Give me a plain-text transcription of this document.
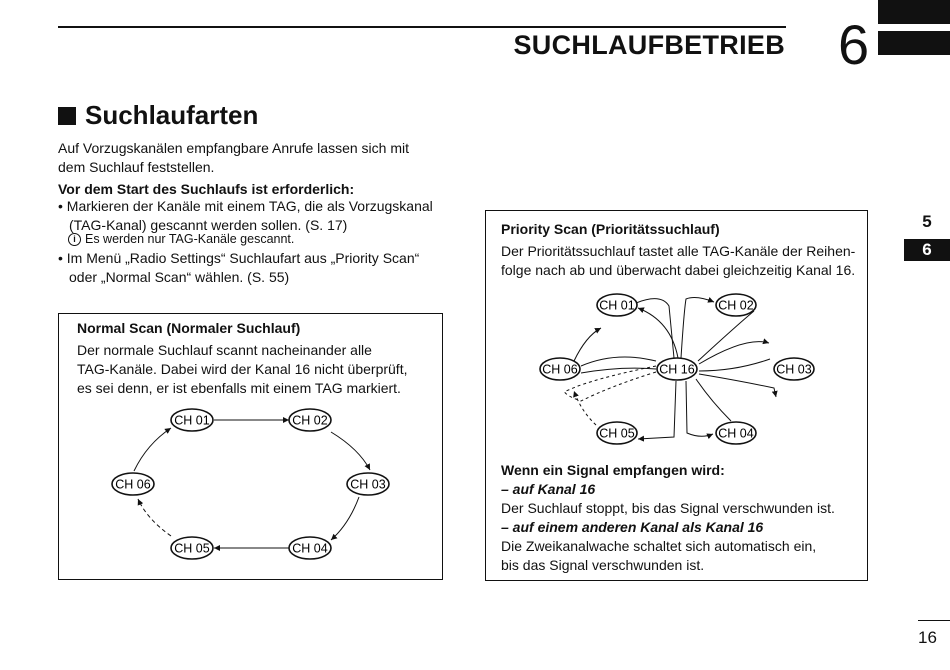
SUCHLAUFBETRIEB 6
5
6
Suchlaufarten
Auf Vorzugskanälen empfangbare Anrufe lassen sich mit
dem Suchlauf feststellen.
Vor dem Start des Suchlaufs ist erforderlich:
• Markieren der Kanäle mit einem TAG, die als Vorzugskanal
(TAG-Kanal) gescannt werden sollen. (S. 17)
i Es werden nur TAG-Kanäle gescannt.
• Im Menü „Radio Settings“ Suchlaufart aus „Priority Scan“
oder „Normal Scan“ wählen. (S. 55)
Normal Scan (Normaler Suchlauf)
Der normale Suchlauf scannt nacheinander alle
TAG-Kanäle. Dabei wird der Kanal 16 nicht überprüft,
es sei denn, er ist ebenfalls mit einem TAG markiert.
CH 01	CH 02
CH 03
CH 04
CH 05
CH 06
Priority Scan (Prioritätssuchlauf)
Der Prioritätssuchlauf tastet alle TAG-Kanäle der Reihen-
folge nach ab und überwacht dabei gleichzeitig Kanal 16.
CH 01	CH 02
CH 03
CH 04
CH 05
CH 06	CH 16
Wenn ein Signal empfangen wird:
– auf Kanal 16
Der Suchlauf stoppt, bis das Signal verschwunden ist.
– auf einem anderen Kanal als Kanal 16
Die Zweikanalwache schaltet sich automatisch ein,
bis das Signal verschwunden ist.
16
